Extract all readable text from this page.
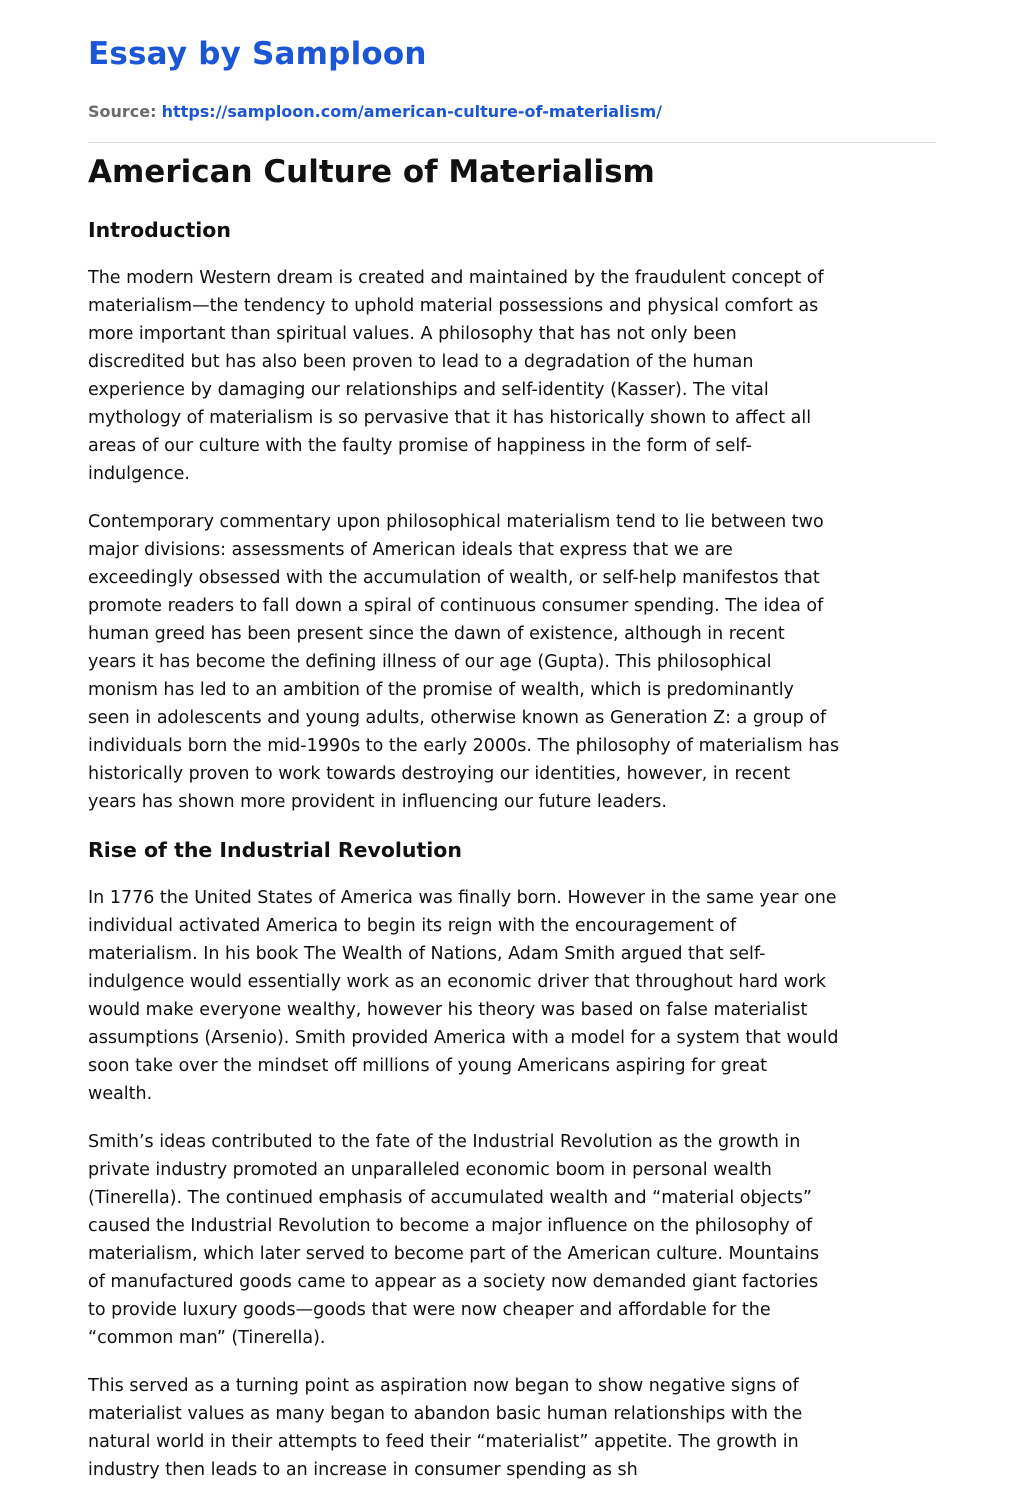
Essay by Samploon
Source: https://samploon.com/american-culture-of-materialism/
American Culture of Materialism
Introduction

The modern Western dream is created and maintained by the fraudulent concept of
materialism—the tendency to uphold material possessions and physical comfort as
more important than spiritual values. A philosophy that has not only been
discredited but has also been proven to lead to a degradation of the human
experience by damaging our relationships and self-identity (Kasser). The vital
mythology of materialism is so pervasive that it has historically shown to affect all
areas of our culture with the faulty promise of happiness in the form of self-
indulgence.

Contemporary commentary upon philosophical materialism tend to lie between two
major divisions: assessments of American ideals that express that we are
exceedingly obsessed with the accumulation of wealth, or self-help manifestos that
promote readers to fall down a spiral of continuous consumer spending. The idea of
human greed has been present since the dawn of existence, although in recent
years it has become the defining illness of our age (Gupta). This philosophical
monism has led to an ambition of the promise of wealth, which is predominantly
seen in adolescents and young adults, otherwise known as Generation Z: a group of
individuals born the mid-1990s to the early 2000s. The philosophy of materialism has
historically proven to work towards destroying our identities, however, in recent
years has shown more provident in influencing our future leaders.

Rise of the Industrial Revolution

In 1776 the United States of America was finally born. However in the same year one
individual activated America to begin its reign with the encouragement of
materialism. In his book The Wealth of Nations, Adam Smith argued that self-
indulgence would essentially work as an economic driver that throughout hard work
would make everyone wealthy, however his theory was based on false materialist
assumptions (Arsenio). Smith provided America with a model for a system that would
soon take over the mindset off millions of young Americans aspiring for great
wealth.

Smith’s ideas contributed to the fate of the Industrial Revolution as the growth in
private industry promoted an unparalleled economic boom in personal wealth
(Tinerella). The continued emphasis of accumulated wealth and “material objects”
caused the Industrial Revolution to become a major influence on the philosophy of
materialism, which later served to become part of the American culture. Mountains
of manufactured goods came to appear as a society now demanded giant factories
to provide luxury goods—goods that were now cheaper and affordable for the
“common man” (Tinerella).

This served as a turning point as aspiration now began to show negative signs of
materialist values as many began to abandon basic human relationships with the
natural world in their attempts to feed their “materialist” appetite. The growth in
industry then leads to an increase in consumer spending as sh
